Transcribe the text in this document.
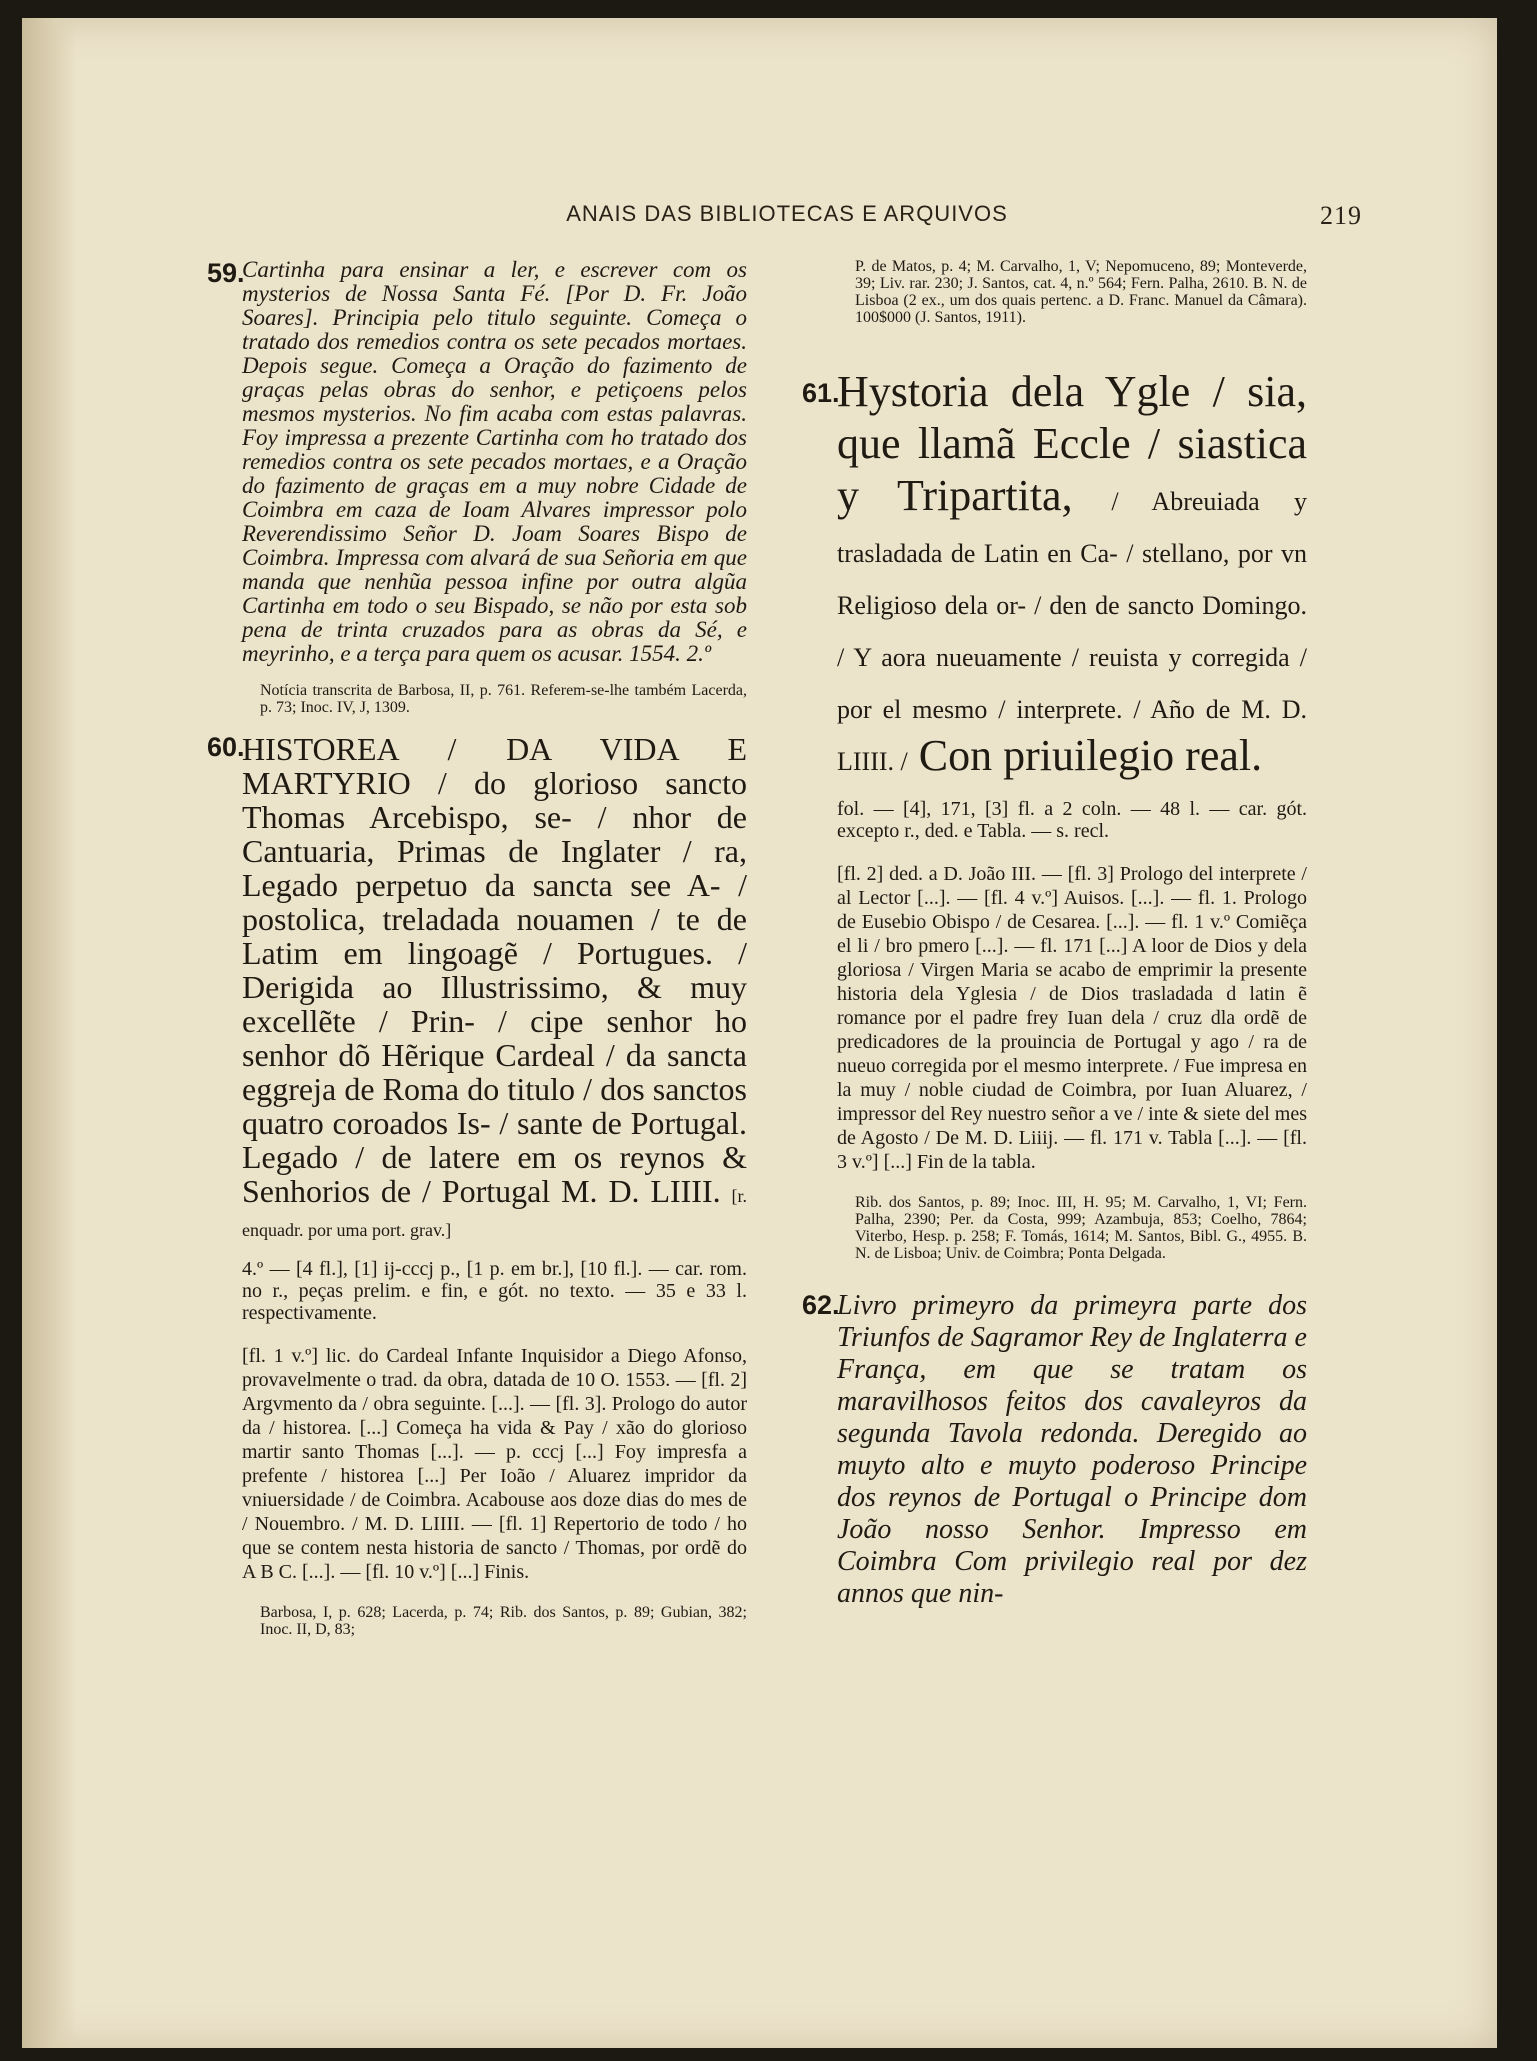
ANAIS DAS BIBLIOTECAS E ARQUIVOS	219
59.
Cartinha para ensinar a ler, e escrever com os mysterios de Nossa Santa Fé. [Por D. Fr. João Soares]. Principia pelo titulo seguinte. Começa o tratado dos remedios contra os sete pecados mortaes. Depois segue. Começa a Oração do fazimento de graças pelas obras do senhor, e petiçoens pelos mesmos mysterios. No fim acaba com estas palavras. Foy impressa a prezente Cartinha com ho tratado dos remedios contra os sete pecados mortaes, e a Oração do fazimento de graças em a muy nobre Cidade de Coimbra em caza de Ioam Alvares impressor polo Reverendissimo Señor D. Joam Soares Bispo de Coimbra. Impressa com alvará de sua Señoria em que manda que nenhũa pessoa infine por outra algũa Cartinha em todo o seu Bispado, se não por esta sob pena de trinta cruzados para as obras da Sé, e meyrinho, e a terça para quem os acusar. 1554. 2.º
Notícia transcrita de Barbosa, II, p. 761. Referem-se-lhe também Lacerda, p. 73; Inoc. IV, J, 1309.
60.
HISTOREA / DA VIDA E MARTYRIO / do glorioso sancto Thomas Arcebispo, se- / nhor de Cantuaria, Primas de Inglater / ra, Legado perpetuo da sancta see A- / postolica, treladada nouamen / te de Latim em lingoagẽ / Portugues. / Derigida ao Illustrissimo, & muy excellẽte / Prin- / cipe senhor ho senhor dõ Hẽrique Cardeal / da sancta eggreja de Roma do titulo / dos sanctos quatro coroados Is- / sante de Portugal. Legado / de latere em os reynos & Senhorios de / Portugal M. D. LIIII. [r. enquadr. por uma port. grav.]
4.º — [4 fl.], [1] ij-cccj p., [1 p. em br.], [10 fl.]. — car. rom. no r., peças prelim. e fin, e gót. no texto. — 35 e 33 l. respectivamente.
[fl. 1 v.º] lic. do Cardeal Infante Inquisidor a Diego Afonso, provavelmente o trad. da obra, datada de 10 O. 1553. — [fl. 2] Argvmento da / obra seguinte. [...]. — [fl. 3]. Prologo do autor da / historea. [...] Começa ha vida & Pay / xão do glorioso martir santo Thomas [...]. — p. cccj [...] Foy impresfa a prefente / historea [...] Per Ioão / Aluarez impridor da vniuersidade / de Coimbra. Acabouse aos doze dias do mes de / Nouembro. / M. D. LIIII. — [fl. 1] Repertorio de todo / ho que se contem nesta historia de sancto / Thomas, por ordẽ do A B C. [...]. — [fl. 10 v.º] [...] Finis.
Barbosa, I, p. 628; Lacerda, p. 74; Rib. dos Santos, p. 89; Gubian, 382; Inoc. II, D, 83;
P. de Matos, p. 4; M. Carvalho, 1, V; Nepomuceno, 89; Monteverde, 39; Liv. rar. 230; J. Santos, cat. 4, n.º 564; Fern. Palha, 2610. B. N. de Lisboa (2 ex., um dos quais pertenc. a D. Franc. Manuel da Câmara). 100$000 (J. Santos, 1911).
61.
Hystoria dela Ygle / sia, que llamã Eccle / siastica y Tripartita, / Abreuiada y trasladada de Latin en Ca- / stellano, por vn Religioso dela or- / den de sancto Domingo. / Y aora nueuamente / reuista y corregida / por el mesmo / interprete. / Año de M. D. LIIII. / Con priuilegio real.
fol. — [4], 171, [3] fl. a 2 coln. — 48 l. — car. gót. excepto r., ded. e Tabla. — s. recl.
[fl. 2] ded. a D. João III. — [fl. 3] Prologo del interprete / al Lector [...]. — [fl. 4 v.º] Auisos. [...]. — fl. 1. Prologo de Eusebio Obispo / de Cesarea. [...]. — fl. 1 v.º Comiẽça el li / bro pmero [...]. — fl. 171 [...] A loor de Dios y dela gloriosa / Virgen Maria se acabo de emprimir la presente historia dela Yglesia / de Dios trasladada d latin ẽ romance por el padre frey Iuan dela / cruz dla ordẽ de predicadores de la prouincia de Portugal y ago / ra de nueuo corregida por el mesmo interprete. / Fue impresa en la muy / noble ciudad de Coimbra, por Iuan Aluarez, / impressor del Rey nuestro señor a ve / inte & siete del mes de Agosto / De M. D. Liiij. — fl. 171 v. Tabla [...]. — [fl. 3 v.º] [...] Fin de la tabla.
Rib. dos Santos, p. 89; Inoc. III, H. 95; M. Carvalho, 1, VI; Fern. Palha, 2390; Per. da Costa, 999; Azambuja, 853; Coelho, 7864; Viterbo, Hesp. p. 258; F. Tomás, 1614; M. Santos, Bibl. G., 4955. B. N. de Lisboa; Univ. de Coimbra; Ponta Delgada.
62.
Livro primeyro da primeyra parte dos Triunfos de Sagramor Rey de Inglaterra e França, em que se tratam os maravilhosos feitos dos cavaleyros da segunda Tavola redonda. Deregido ao muyto alto e muyto poderoso Principe dos reynos de Portugal o Principe dom João nosso Senhor. Impresso em Coimbra Com privilegio real por dez annos que nin-
